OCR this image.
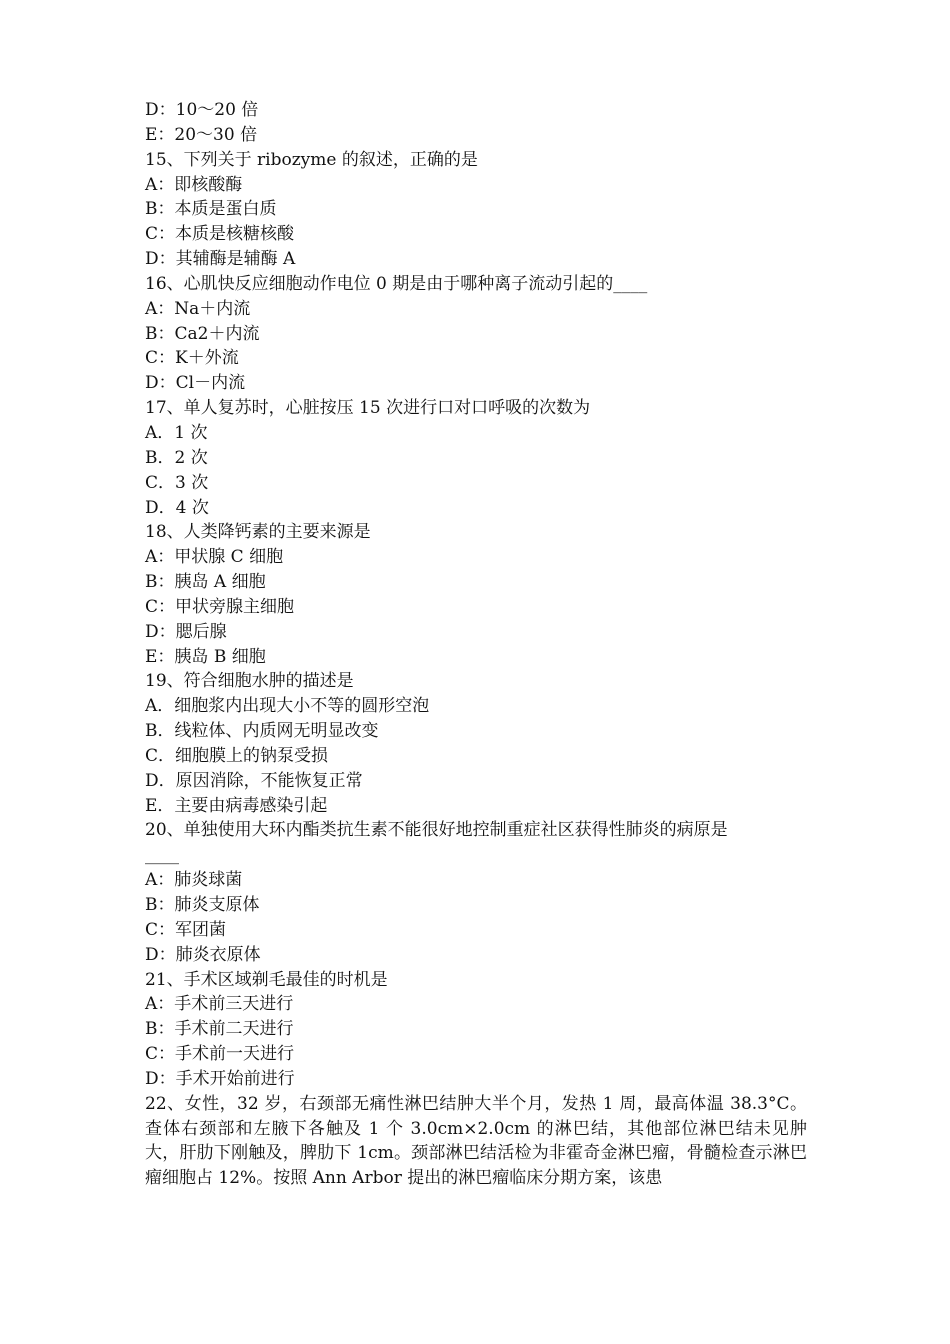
D：10～20 倍
E：20～30 倍
15、下列关于 ribozyme 的叙述，正确的是
A：即核酸酶
B：本质是蛋白质
C：本质是核糖核酸
D：其辅酶是辅酶 A
16、心肌快反应细胞动作电位 0 期是由于哪种离子流动引起的____
A：Na＋内流
B：Ca2＋内流
C：K＋外流
D：Cl－内流
17、单人复苏时，心脏按压 15 次进行口对口呼吸的次数为
A．1 次
B．2 次
C．3 次
D．4 次
18、人类降钙素的主要来源是
A：甲状腺 C 细胞
B：胰岛 A 细胞
C：甲状旁腺主细胞
D：腮后腺
E：胰岛 B 细胞
19、符合细胞水肿的描述是
A．细胞浆内出现大小不等的圆形空泡
B．线粒体、内质网无明显改变
C．细胞膜上的钠泵受损
D．原因消除，不能恢复正常
E．主要由病毒感染引起
20、单独使用大环内酯类抗生素不能很好地控制重症社区获得性肺炎的病原是
____
A：肺炎球菌
B：肺炎支原体
C：军团菌
D：肺炎衣原体
21、手术区域剃毛最佳的时机是
A：手术前三天进行
B：手术前二天进行
C：手术前一天进行
D：手术开始前进行
22、女性，32 岁，右颈部无痛性淋巴结肿大半个月，发热 1 周，最高体温 38.3°C。查体右颈部和左腋下各触及 1 个 3.0cm×2.0cm 的淋巴结，其他部位淋巴结未见肿大，肝肋下刚触及，脾肋下 1cm。颈部淋巴结活检为非霍奇金淋巴瘤，骨髓检查示淋巴瘤细胞占 12%。按照 Ann Arbor 提出的淋巴瘤临床分期方案，该患
